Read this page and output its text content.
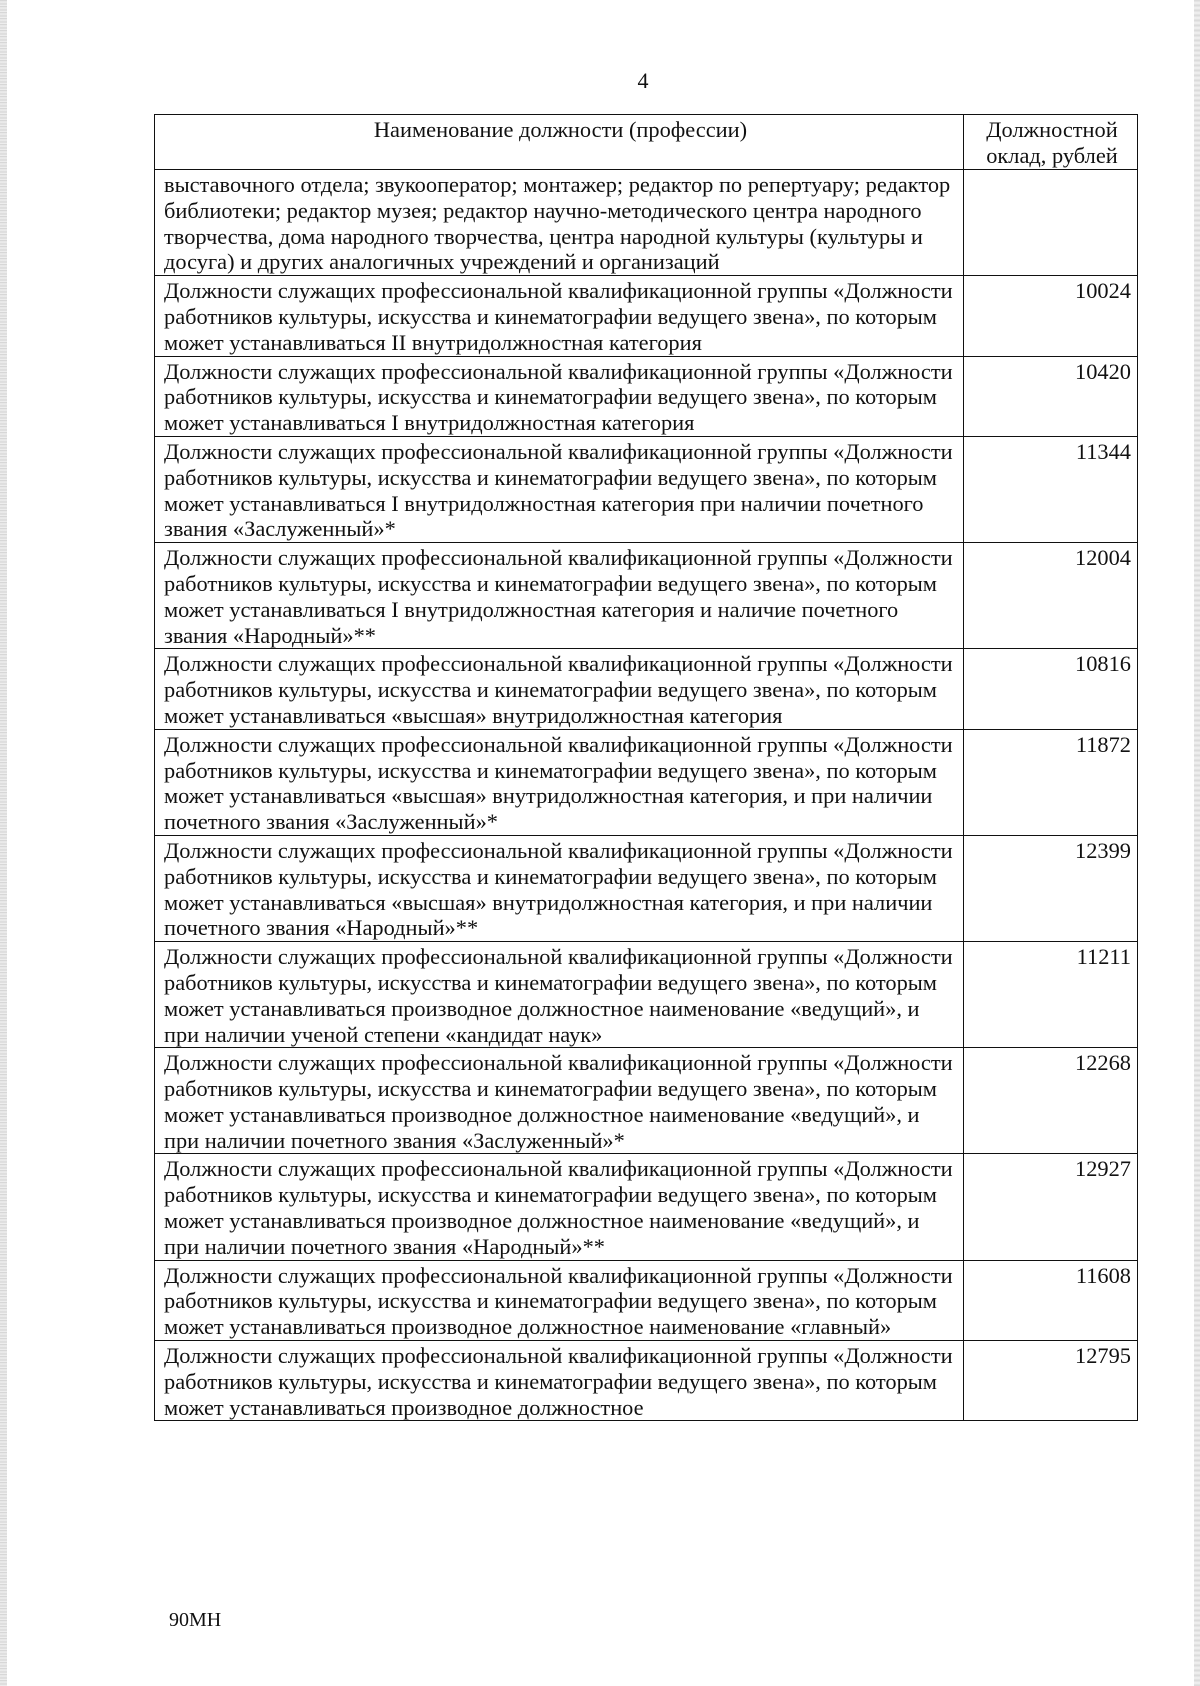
4
Наименование должности (профессии)	Должностной оклад, рублей
выставочного отдела; звукооператор; монтажер; редактор по репертуару; редактор библиотеки; редактор музея; редактор научно-методического центра народного творчества, дома народного творчества, центра народной культуры (культуры и досуга) и других аналогичных учреждений и организаций	
Должности служащих профессиональной квалификационной группы «Должности работников культуры, искусства и кинематографии ведущего звена», по которым может устанавливаться II внутридолжностная категория	10024
Должности служащих профессиональной квалификационной группы «Должности работников культуры, искусства и кинематографии ведущего звена», по которым может устанавливаться I внутридолжностная категория	10420
Должности служащих профессиональной квалификационной группы «Должности работников культуры, искусства и кинематографии ведущего звена», по которым может устанавливаться I внутридолжностная категория при наличии почетного звания «Заслуженный»*	11344
Должности служащих профессиональной квалификационной группы «Должности работников культуры, искусства и кинематографии ведущего звена», по которым может устанавливаться I внутридолжностная категория и наличие почетного звания «Народный»**	12004
Должности служащих профессиональной квалификационной группы «Должности работников культуры, искусства и кинематографии ведущего звена», по которым может устанавливаться «высшая» внутридолжностная категория	10816
Должности служащих профессиональной квалификационной группы «Должности работников культуры, искусства и кинематографии ведущего звена», по которым может устанавливаться «высшая» внутридолжностная категория, и при наличии почетного звания «Заслуженный»*	11872
Должности служащих профессиональной квалификационной группы «Должности работников культуры, искусства и кинематографии ведущего звена», по которым может устанавливаться «высшая» внутридолжностная категория, и при наличии почетного звания «Народный»**	12399
Должности служащих профессиональной квалификационной группы «Должности работников культуры, искусства и кинематографии ведущего звена», по которым может устанавливаться производное должностное наименование «ведущий», и при наличии ученой степени «кандидат наук»	11211
Должности служащих профессиональной квалификационной группы «Должности работников культуры, искусства и кинематографии ведущего звена», по которым может устанавливаться производное должностное наименование «ведущий», и при наличии почетного звания «Заслуженный»*	12268
Должности служащих профессиональной квалификационной группы «Должности работников культуры, искусства и кинематографии ведущего звена», по которым может устанавливаться производное должностное наименование «ведущий», и при наличии почетного звания «Народный»**	12927
Должности служащих профессиональной квалификационной группы «Должности работников культуры, искусства и кинематографии ведущего звена», по которым может устанавливаться производное должностное наименование «главный»	11608
Должности служащих профессиональной квалификационной группы «Должности работников культуры, искусства и кинематографии ведущего звена», по которым может устанавливаться производное должностное	12795
90МН
